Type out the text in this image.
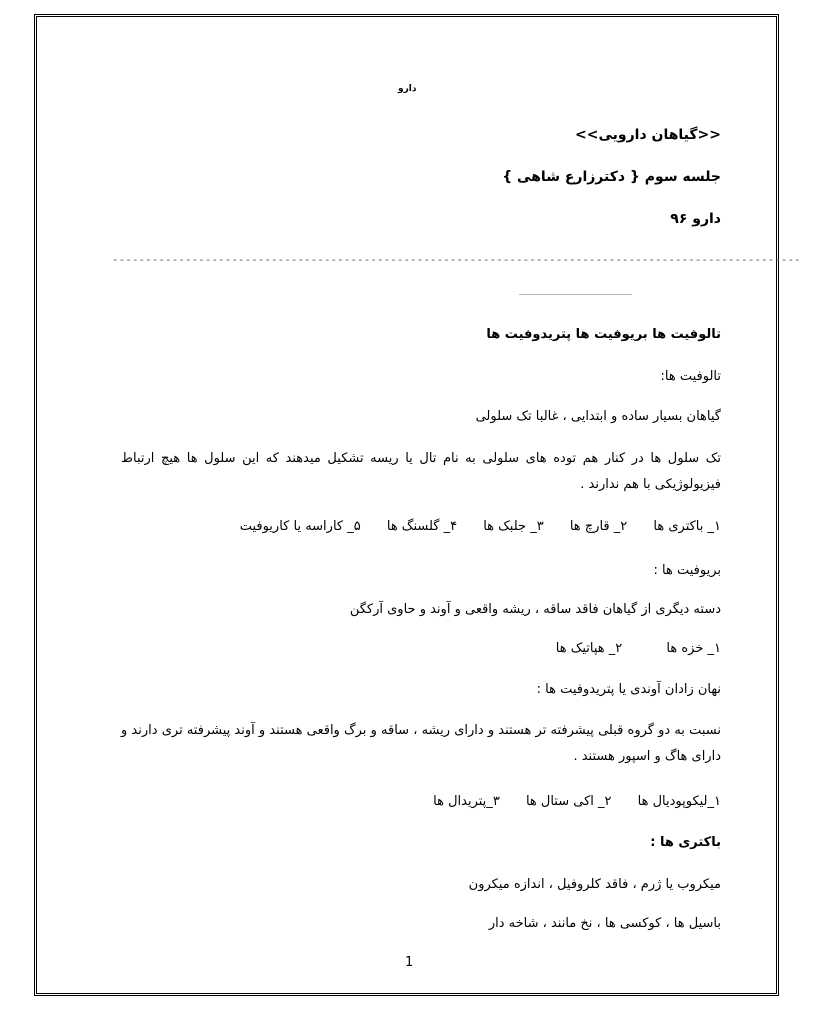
ﺩﺍﺭﻭ
<<گیاهان دارویی>>
جلسه سوم { دکترزارع شاهی }
دارو ۹۶
تالوفیت ها بریوفیت ها پتریدوفیت ها
تالوفیت ها:
گیاهان بسیار ساده و ابتدایی ، غالبا تک سلولی
تک سلول ها در کنار هم توده های سلولی به نام تال یا ریسه تشکیل میدهند که این سلول ها هیچ ارتباط فیزیولوژیکی با هم ندارند .
۱_ باکتری ها ۲_ قارچ ها ۳_ جلبک ها ۴_ گلسنگ ها ۵_ کاراسه یا کاریوفیت
بریوفیت ها :
دسته دیگری از گیاهان فاقد ساقه ، ریشه واقعی و آوند و حاوی آرکگن
۱_ خزه ها ۲_ هپاتیک ها
نهان زادان آوندی یا پتریدوفیت ها :
نسبت به دو گروه قبلی پیشرفته تر هستند و دارای ریشه ، ساقه و برگ واقعی هستند و آوند پیشرفته تری دارند و دارای هاگ و اسپور هستند .
۱_لیکوپودیال ها ۲_ اکی ستال ها ۳_پتریدال ها
باکتری ها :
میکروب یا ژرم ، فاقد کلروفیل ، اندازه میکرون
باسیل ها ، کوکسی ها ، نخ مانند ، شاخه دار
--------------------------------------------------------------------------------------------------------
_________________
1
